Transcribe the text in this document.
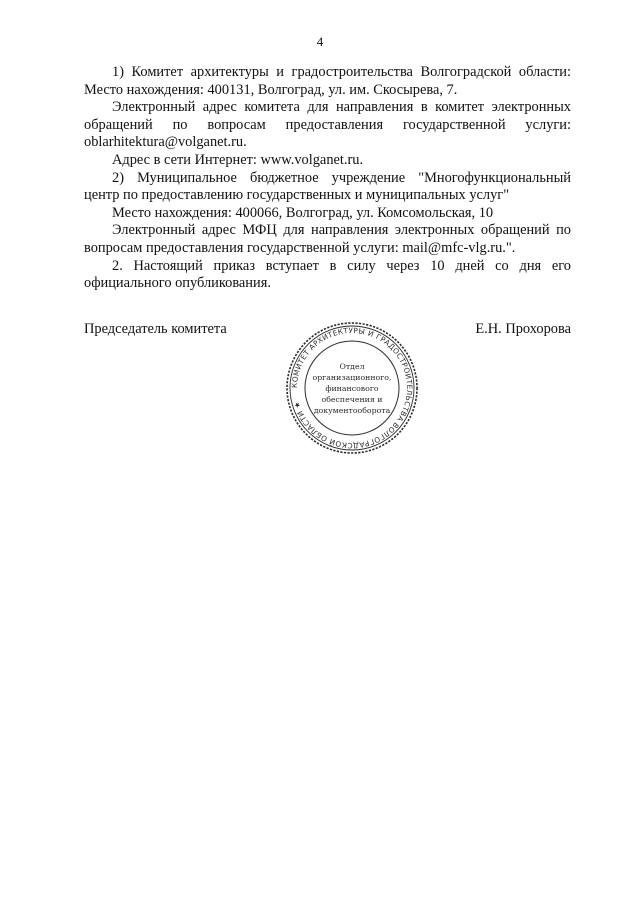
4

1) Комитет архитектуры и градостроительства Волгоградской области: Место нахождения: 400131, Волгоград, ул. им. Скосырева, 7.

Электронный адрес комитета для направления в комитет электронных обращений по вопросам предоставления государственной услуги: oblarhitektura@volganet.ru.

Адрес в сети Интернет: www.volganet.ru.

2) Муниципальное бюджетное учреждение "Многофункциональный центр по предоставлению государственных и муниципальных услуг"

Место нахождения: 400066, Волгоград, ул. Комсомольская, 10

Электронный адрес МФЦ для направления электронных обращений по вопросам предоставления государственной услуги: mail@mfc-vlg.ru.".

2. Настоящий приказ вступает в силу через 10 дней со дня его официального опубликования.

Председатель комитета	Е.Н. Прохорова
КОМИТЕТ АРХИТЕКТУРЫ И ГРАДОСТРОИТЕЛЬСТВА ВОЛГОГРАДСКОЙ ОБЛАСТИ ★
Отдел
организационного,
финансового
обеспечения и
документооборота
